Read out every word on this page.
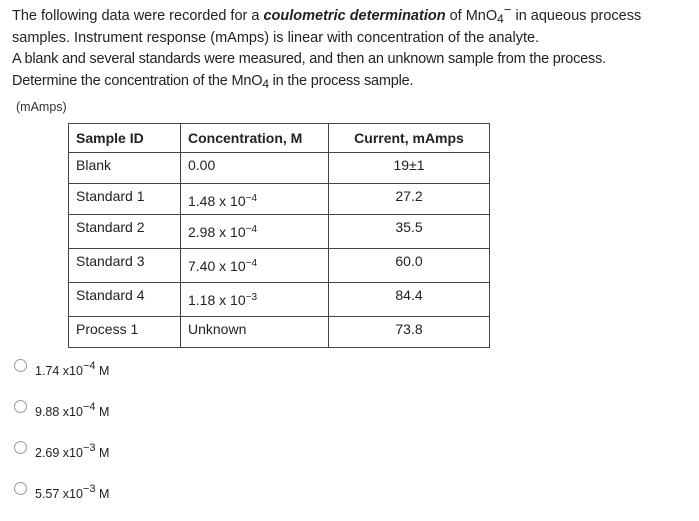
The following data were recorded for a coulometric determination of MnO$_4$− in aqueous process
samples. Instrument response (mAmps) is linear with concentration of the analyte.
A blank and several standards were measured, and then an unknown sample from the process.
Determine the concentration of the MnO$_4$ in the process sample.
(mAmps)
Sample ID	Concentration, M	Current, mAmps
Blank	0.00	19±1
Standard 1	1.48 x $10^{-4}$	27.2
Standard 2	2.98 x $10^{-4}$	35.5
Standard 3	7.40 x $10^{-4}$	60.0
Standard 4	1.18 x $10^{-3}$	84.4
Process 1	Unknown	73.8
1.74 $x10^{-4}$ M
9.88 $x10^{-4}$ M
2.69 $x10^{-3}$ M
5.57 $x10^{-3}$ M
